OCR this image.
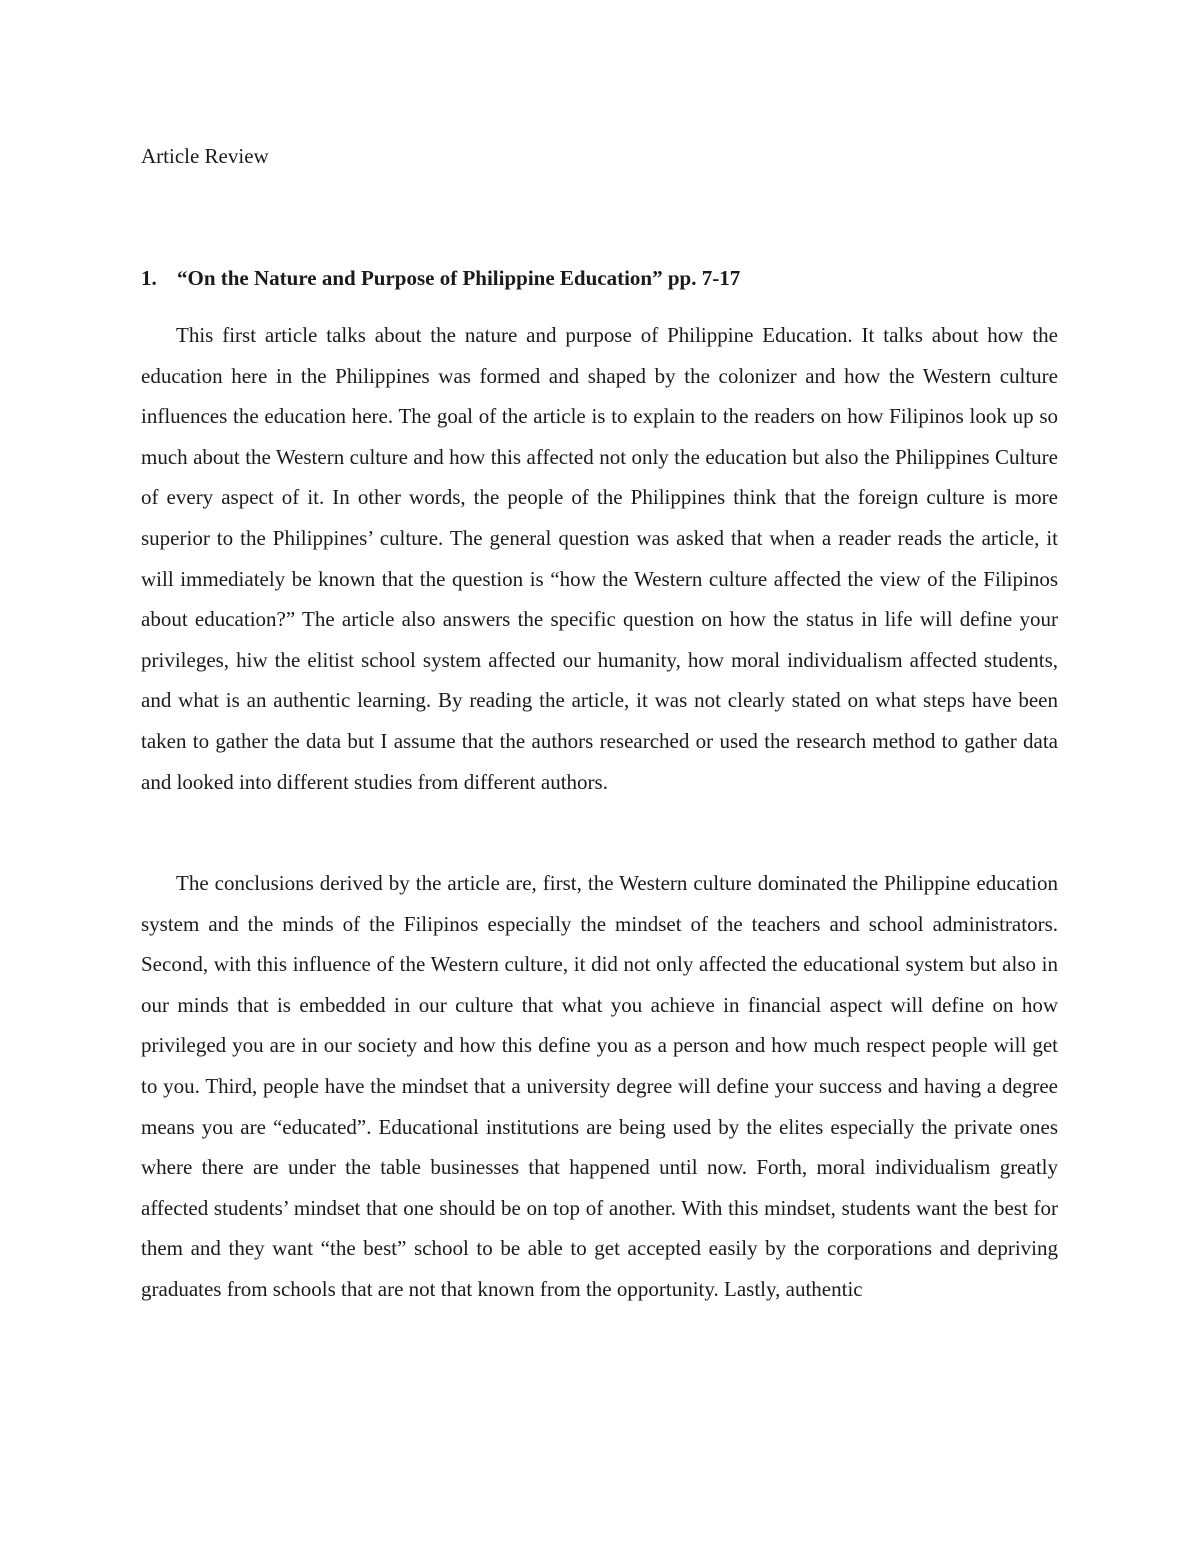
Article Review
1. “On the Nature and Purpose of Philippine Education” pp. 7-17

This first article talks about the nature and purpose of Philippine Education. It talks about how the education here in the Philippines was formed and shaped by the colonizer and how the Western culture influences the education here. The goal of the article is to explain to the readers on how Filipinos look up so much about the Western culture and how this affected not only the education but also the Philippines Culture of every aspect of it. In other words, the people of the Philippines think that the foreign culture is more superior to the Philippines’ culture. The general question was asked that when a reader reads the article, it will immediately be known that the question is “how the Western culture affected the view of the Filipinos about education?” The article also answers the specific question on how the status in life will define your privileges, hiw the elitist school system affected our humanity, how moral individualism affected students, and what is an authentic learning. By reading the article, it was not clearly stated on what steps have been taken to gather the data but I assume that the authors researched or used the research method to gather data and looked into different studies from different authors.

The conclusions derived by the article are, first, the Western culture dominated the Philippine education system and the minds of the Filipinos especially the mindset of the teachers and school administrators. Second, with this influence of the Western culture, it did not only affected the educational system but also in our minds that is embedded in our culture that what you achieve in financial aspect will define on how privileged you are in our society and how this define you as a person and how much respect people will get to you. Third, people have the mindset that a university degree will define your success and having a degree means you are “educated”. Educational institutions are being used by the elites especially the private ones where there are under the table businesses that happened until now. Forth, moral individualism greatly affected students’ mindset that one should be on top of another. With this mindset, students want the best for them and they want “the best” school to be able to get accepted easily by the corporations and depriving graduates from schools that are not that known from the opportunity. Lastly, authentic
